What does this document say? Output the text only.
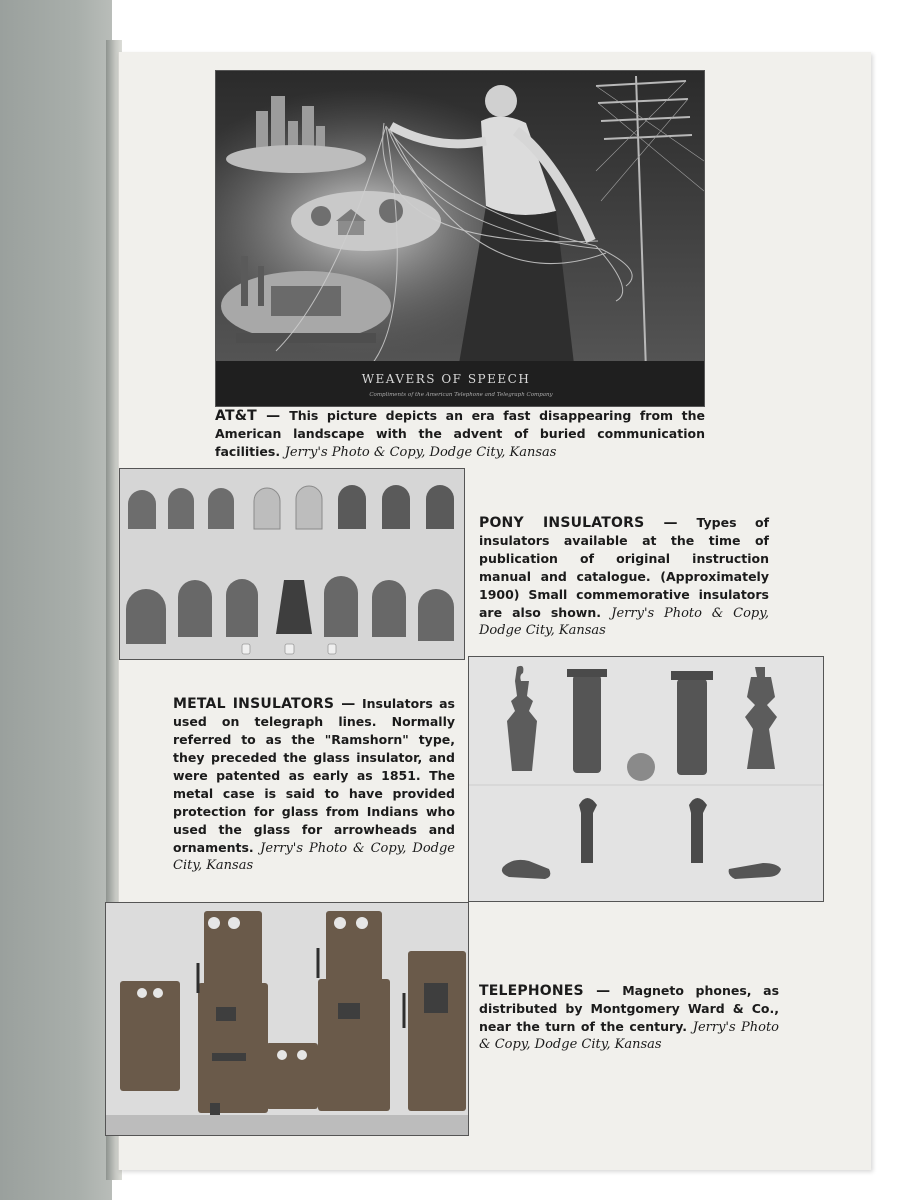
WEAVERS OF SPEECH
Compliments of the American Telephone and Telegraph Company
AT&T — This picture depicts an era fast disappearing from the American landscape with the advent of buried communication facilities. Jerry's Photo & Copy, Dodge City, Kansas
PONY INSULATORS — Types of insulators available at the time of publication of original instruction manual and catalogue. (Approximately 1900) Small commemorative insulators are also shown. Jerry's Photo & Copy, Dodge City, Kansas
METAL INSULATORS — Insulators as used on telegraph lines. Normally referred to as the "Ramshorn" type, they preceded the glass insulator, and were patented as early as 1851. The metal case is said to have provided protection for glass from Indians who used the glass for arrowheads and ornaments. Jerry's Photo & Copy, Dodge City, Kansas
TELEPHONES — Magneto phones, as distributed by Montgomery Ward & Co., near the turn of the century. Jerry's Photo & Copy, Dodge City, Kansas
